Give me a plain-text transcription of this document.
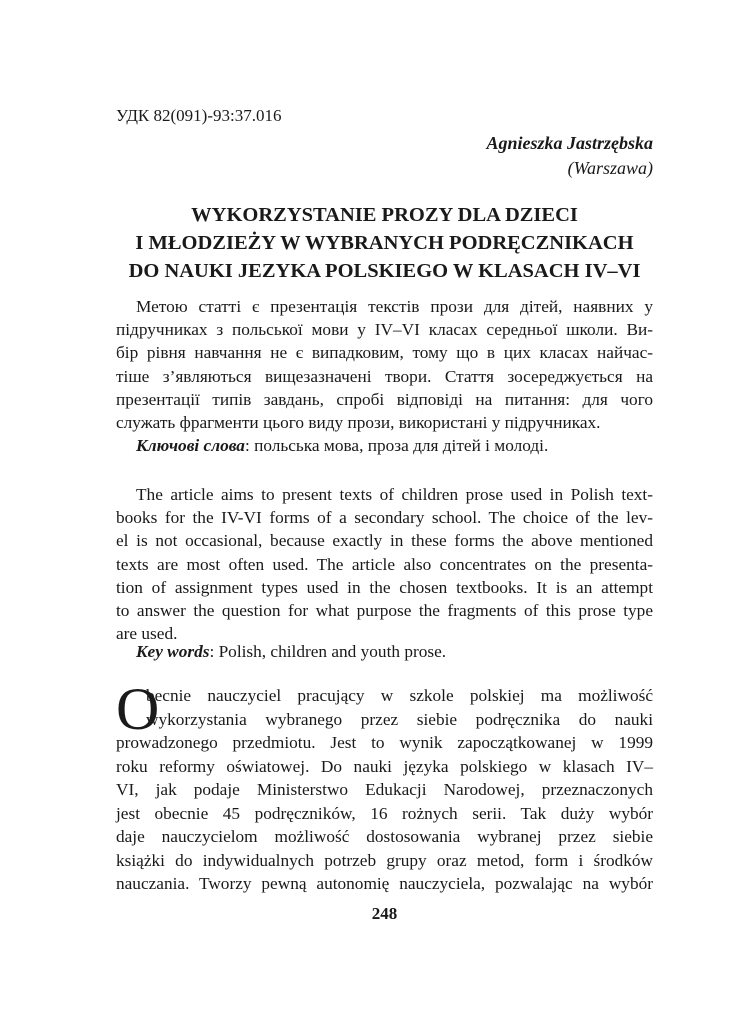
УДК 82(091)-93:37.016
Agnieszka Jastrzębska
(Warszawa)
WYKORZYSTANIE PROZY DLA DZIECI
I MŁODZIEŻY W WYBRANYCH PODRĘCZNIKACH
DO NAUKI JEZYKA POLSKIEGO W KLASACH IV–VI
Метою статті є презентація текстів прози для дітей, наявних у
підручниках з польської мови у IV–VI класах середньої школи. Ви-
бір рівня навчання не є випадковим, тому що в цих класах найчас-
тіше з’являються вищезазначені твори. Стаття зосереджується на
презентації типів завдань, спробі відповіді на питання: для чого
служать фрагменти цього виду прози, використані у підручниках.
Ключові слова: польська мова, проза для дітей і молоді.
The article aims to present texts of children prose used in Polish text-
books for the IV-VI forms of a secondary school. The choice of the lev-
el is not occasional, because exactly in these forms the above mentioned
texts are most often used. The article also concentrates on the presenta-
tion of assignment types used in the chosen textbooks. It is an attempt
to answer the question for what purpose the fragments of this prose type
are used.
Key words: Polish, children and youth prose.
O
becnie nauczyciel pracujący w szkole polskiej ma możliwość
wykorzystania wybranego przez siebie podręcznika do nauki
prowadzonego przedmiotu. Jest to wynik zapoczątkowanej w 1999
roku reformy oświatowej. Do nauki języka polskiego w klasach IV–
VI, jak podaje Ministerstwo Edukacji Narodowej, przeznaczonych
jest obecnie 45 podręczników, 16 rożnych serii. Tak duży wybór
daje nauczycielom możliwość dostosowania wybranej przez siebie
książki do indywidualnych potrzeb grupy oraz metod, form i środków
nauczania. Tworzy pewną autonomię nauczyciela, pozwalając na wybór
248
